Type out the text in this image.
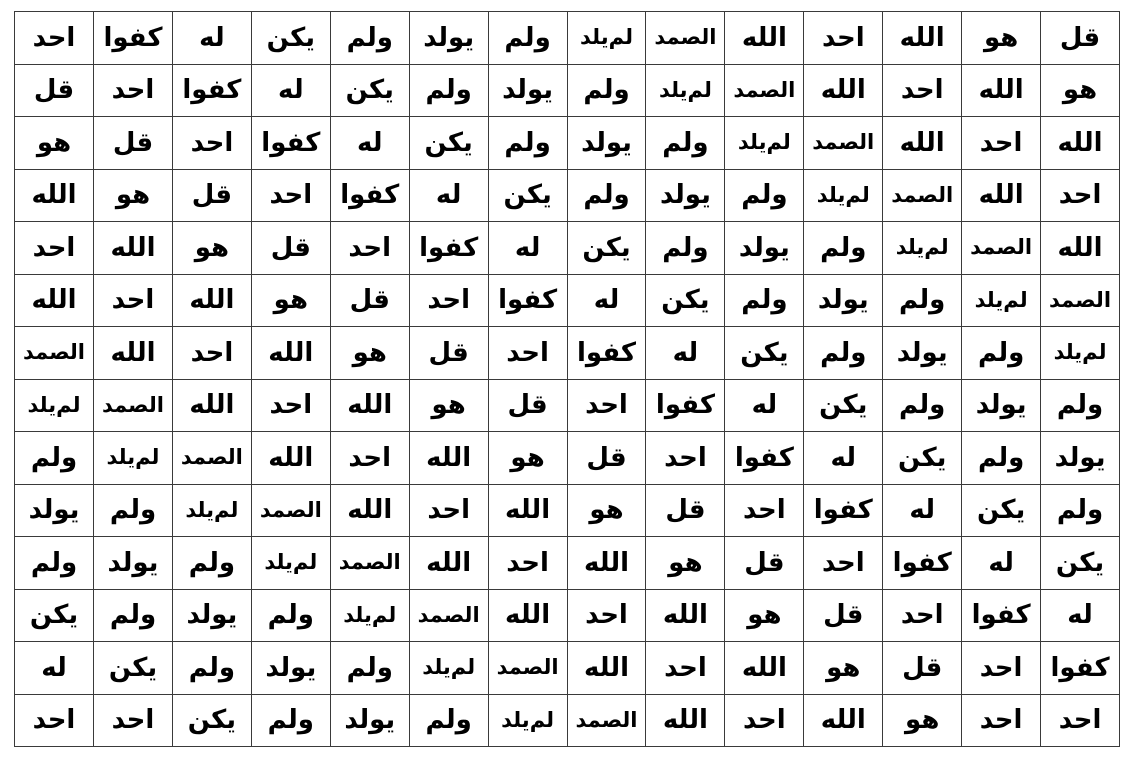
قل	هو	الله	احد	الله	الصمد	لم‌يلد	ولم	يولد	ولم	يكن	له	كفوا	احد
هو	الله	احد	الله	الصمد	لم‌يلد	ولم	يولد	ولم	يكن	له	كفوا	احد	قل
الله	احد	الله	الصمد	لم‌يلد	ولم	يولد	ولم	يكن	له	كفوا	احد	قل	هو
احد	الله	الصمد	لم‌يلد	ولم	يولد	ولم	يكن	له	كفوا	احد	قل	هو	الله
الله	الصمد	لم‌يلد	ولم	يولد	ولم	يكن	له	كفوا	احد	قل	هو	الله	احد
الصمد	لم‌يلد	ولم	يولد	ولم	يكن	له	كفوا	احد	قل	هو	الله	احد	الله
لم‌يلد	ولم	يولد	ولم	يكن	له	كفوا	احد	قل	هو	الله	احد	الله	الصمد
ولم	يولد	ولم	يكن	له	كفوا	احد	قل	هو	الله	احد	الله	الصمد	لم‌يلد
يولد	ولم	يكن	له	كفوا	احد	قل	هو	الله	احد	الله	الصمد	لم‌يلد	ولم
ولم	يكن	له	كفوا	احد	قل	هو	الله	احد	الله	الصمد	لم‌يلد	ولم	يولد
يكن	له	كفوا	احد	قل	هو	الله	احد	الله	الصمد	لم‌يلد	ولم	يولد	ولم
له	كفوا	احد	قل	هو	الله	احد	الله	الصمد	لم‌يلد	ولم	يولد	ولم	يكن
كفوا	احد	قل	هو	الله	احد	الله	الصمد	لم‌يلد	ولم	يولد	ولم	يكن	له
احد	احد	هو	الله	احد	الله	الصمد	لم‌يلد	ولم	يولد	ولم	يكن	احد	احد
